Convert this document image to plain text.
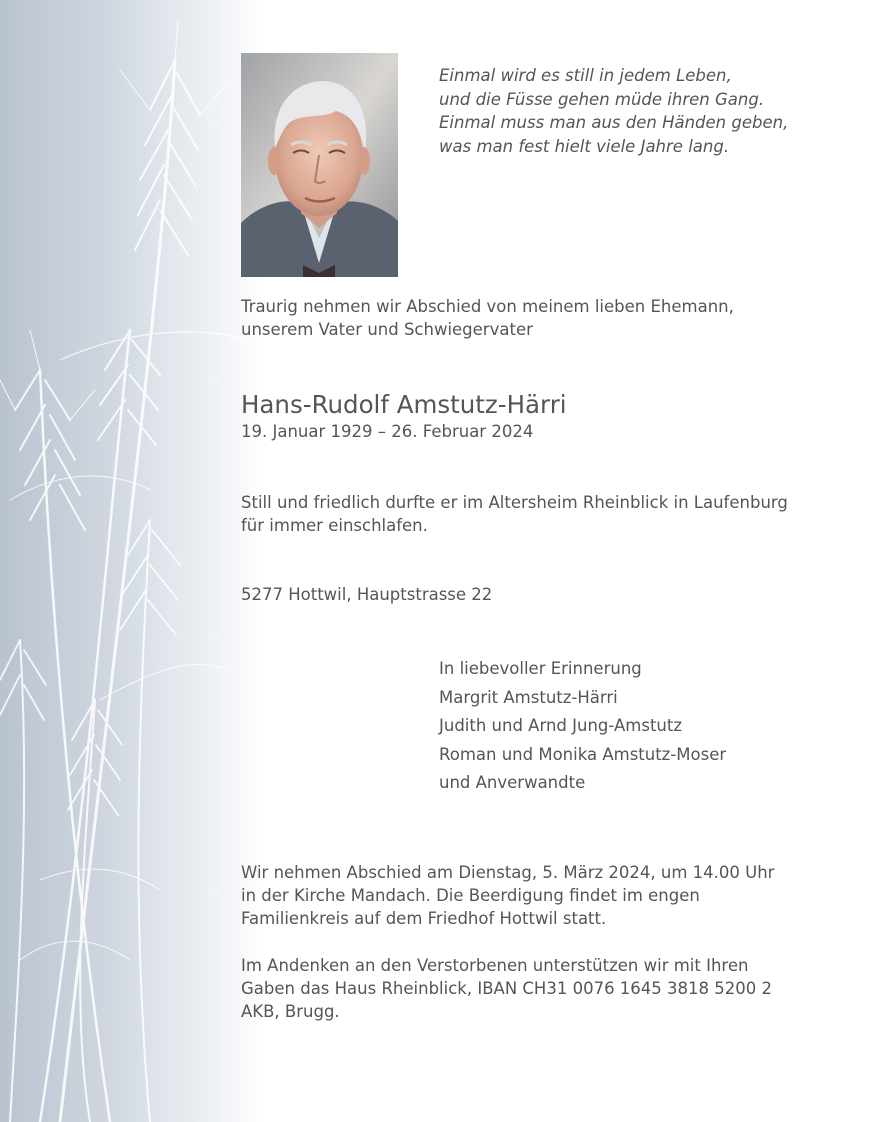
Einmal wird es still in jedem Leben,
und die Füsse gehen müde ihren Gang.
Einmal muss man aus den Händen geben,
was man fest hielt viele Jahre lang.
Traurig nehmen wir Abschied von meinem lieben Ehemann,
unserem Vater und Schwiegervater
Hans-Rudolf Amstutz-Härri
19. Januar 1929 – 26. Februar 2024
Still und friedlich durfte er im Altersheim Rheinblick in Laufenburg
für immer einschlafen.
5277 Hottwil, Hauptstrasse 22
In liebevoller Erinnerung
Margrit Amstutz-Härri
Judith und Arnd Jung-Amstutz
Roman und Monika Amstutz-Moser
und Anverwandte
Wir nehmen Abschied am Dienstag, 5. März 2024, um 14.00 Uhr
in der Kirche Mandach. Die Beerdigung findet im engen
Familienkreis auf dem Friedhof Hottwil statt.
Im Andenken an den Verstorbenen unterstützen wir mit Ihren
Gaben das Haus Rheinblick, IBAN CH31 0076 1645 3818 5200 2
AKB, Brugg.
